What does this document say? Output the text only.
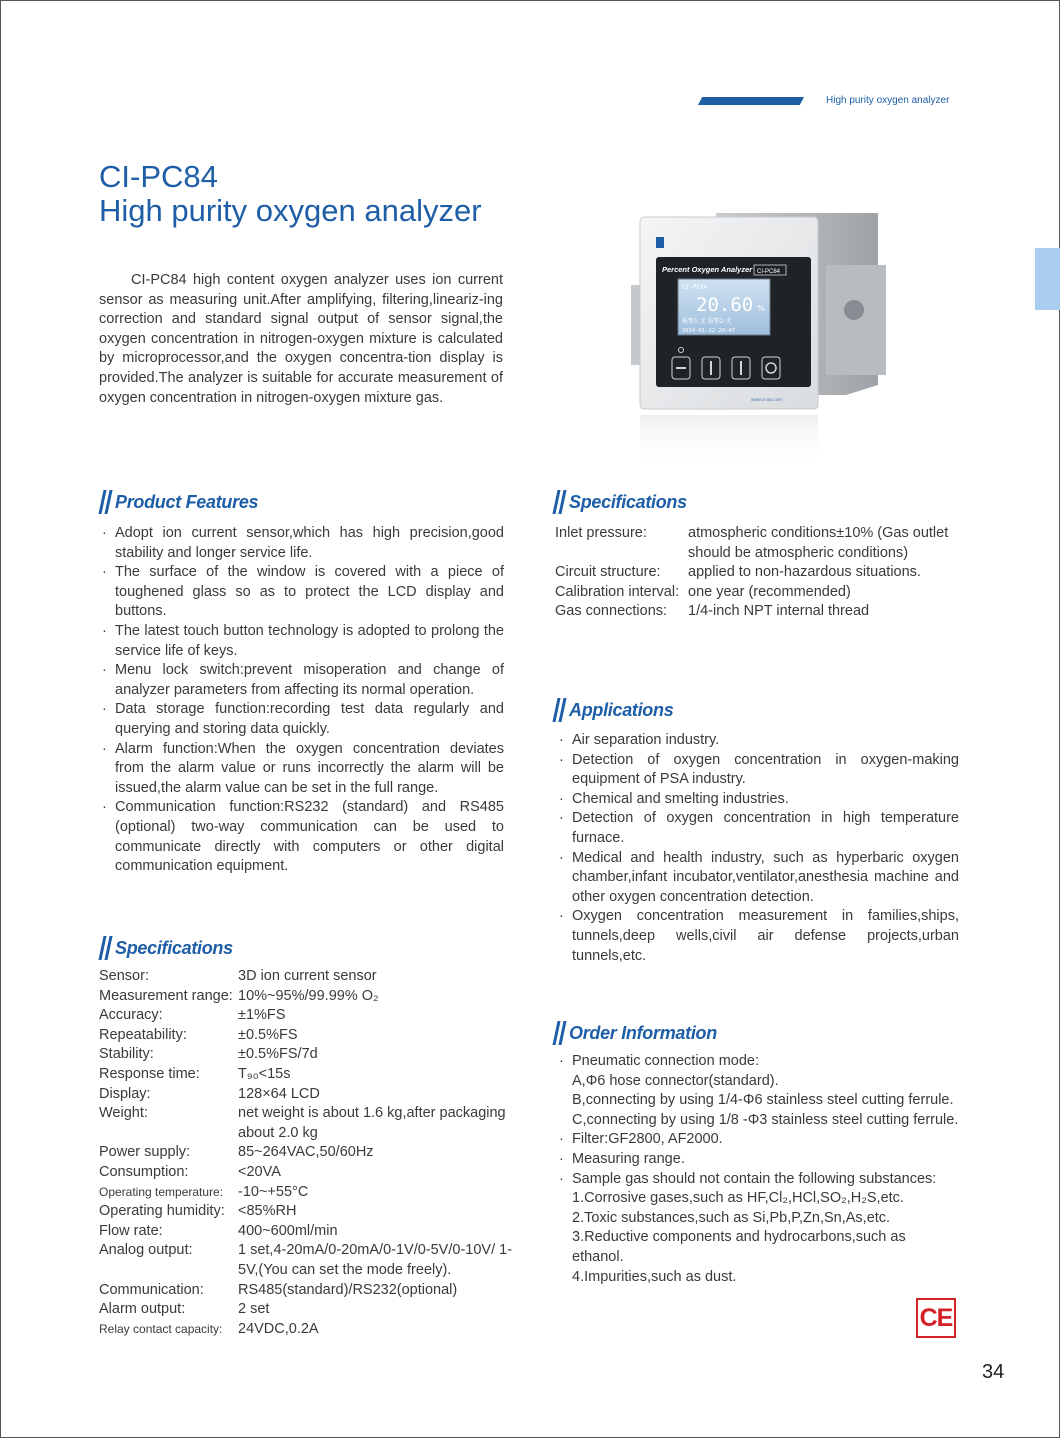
High purity oxygen analyzer
CI-PC84
High purity oxygen analyzer

CI-PC84 high content oxygen analyzer uses ion current sensor as measuring unit.After amplifying, filtering,lineariz-ing correction and standard signal output of sensor signal,the oxygen concentration in nitrogen-oxygen mixture is calculated by microprocessor,and the oxygen concentra-tion display is provided.The analyzer is suitable for accurate measurement of oxygen concentration in nitrogen-oxygen mixture gas.

Percent Oxygen Analyzer CI-PC84
CI-PC84
20.60 %
报警1:无 报警2:无
2014-01-22 20:47
www.ci-ais.com
Product Features
· Adopt ion current sensor,which has high precision,good stability and longer service life.
· The surface of the window is covered with a piece of toughened glass so as to protect the LCD display and buttons.
· The latest touch button technology is adopted to prolong the service life of keys.
· Menu lock switch:prevent misoperation and change of analyzer parameters from affecting its normal operation.
· Data storage function:recording test data regularly and querying and storing data quickly.
· Alarm function:When the oxygen concentration deviates from the alarm value or runs incorrectly the alarm will be issued,the alarm value can be set in the full range.
· Communication function:RS232 (standard) and RS485 (optional) two-way communication can be used to communicate directly with computers or other digital communication equipment.
Specifications
Sensor:	3D ion current sensor
Measurement range: 10%~95%/99.99% O₂
Accuracy:	±1%FS
Repeatability:	±0.5%FS
Stability:	±0.5%FS/7d
Response time:	T₉₀<15s
Display:	128×64 LCD
Weight:	net weight is about 1.6 kg,after packaging about 2.0 kg
Power supply:	85~264VAC,50/60Hz
Consumption:	<20VA
Operating temperature:	-10~+55°C
Operating humidity: <85%RH
Flow rate:	400~600ml/min
Analog output:	1 set,4-20mA/0-20mA/0-1V/0-5V/0-10V/ 1-5V,(You can set the mode freely).
Communication:	RS485(standard)/RS232(optional)
Alarm output:	2 set
Relay contact capacity:	24VDC,0.2A
Specifications
Inlet pressure:	atmospheric conditions±10% (Gas outlet should be atmospheric conditions)
Circuit structure:	applied to non-hazardous situations.
Calibration interval: one year (recommended)
Gas connections:	1/4-inch NPT internal thread
Applications
· Air separation industry.
· Detection of oxygen concentration in oxygen-making equipment of PSA industry.
· Chemical and smelting industries.
· Detection of oxygen concentration in high temperature furnace.
· Medical and health industry, such as hyperbaric oxygen chamber,infant incubator,ventilator,anesthesia machine and other oxygen concentration detection.
· Oxygen concentration measurement in families,ships, tunnels,deep wells,civil air defense projects,urban tunnels,etc.
Order Information
· Pneumatic connection mode:
A,Φ6 hose connector(standard).
B,connecting by using 1/4-Φ6 stainless steel cutting ferrule.
C,connecting by using 1/8 -Φ3 stainless steel cutting ferrule.
· Filter:GF2800, AF2000.
· Measuring range.
· Sample gas should not contain the following substances:
1.Corrosive gases,such as HF,Cl₂,HCl,SO₂,H₂S,etc.
2.Toxic substances,such as Si,Pb,P,Zn,Sn,As,etc.
3.Reductive components and hydrocarbons,such as ethanol.
4.Impurities,such as dust.
CE
34
